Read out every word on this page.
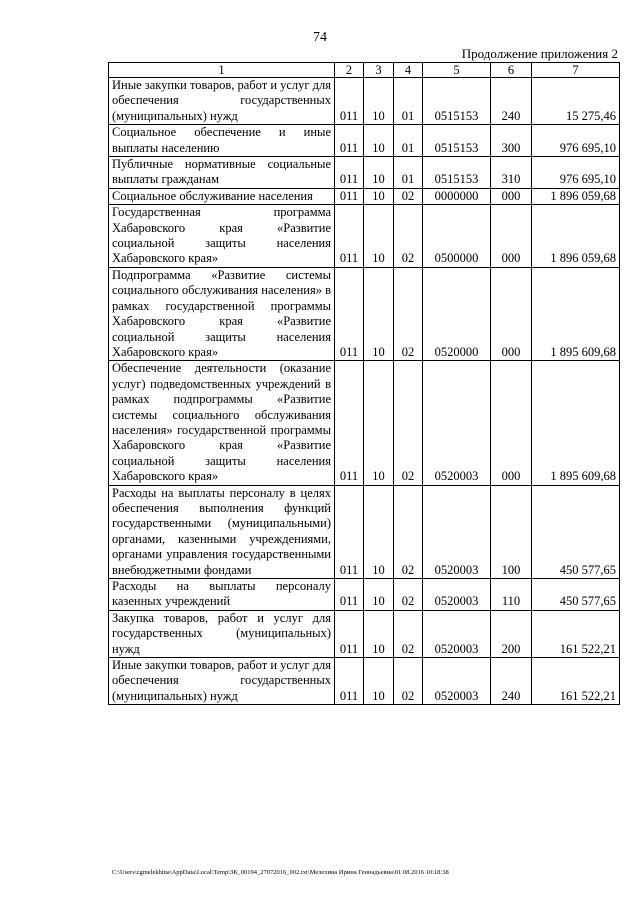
74
Продолжение приложения 2
1	2	3	4	5	6	7
Иные закупки товаров, работ и услуг для обеспечения государственных (муниципальных) нужд	011	10	01	0515153	240	15 275,46
Социальное обеспечение и иные выплаты населению	011	10	01	0515153	300	976 695,10
Публичные нормативные социальные выплаты гражданам	011	10	01	0515153	310	976 695,10
Социальное обслуживание населения	011	10	02	0000000	000	1 896 059,68
Государственная программа Хабаровского края «Развитие социальной защиты населения Хабаровского края»	011	10	02	0500000	000	1 896 059,68
Подпрограмма «Развитие системы социального обслуживания населения» в рамках государственной программы Хабаровского края «Развитие социальной защиты населения Хабаровского края»	011	10	02	0520000	000	1 895 609,68
Обеспечение деятельности (оказание услуг) подведомственных учреждений в рамках подпрограммы «Развитие системы социального обслуживания населения» государственной программы Хабаровского края «Развитие социальной защиты населения Хабаровского края»	011	10	02	0520003	000	1 895 609,68
Расходы на выплаты персоналу в целях обеспечения выполнения функций государственными (муниципальными) органами, казенными учреждениями, органами управления государственными внебюджетными фондами	011	10	02	0520003	100	450 577,65
Расходы на выплаты персоналу казенных учреждений	011	10	02	0520003	110	450 577,65
Закупка товаров, работ и услуг для государственных (муниципальных) нужд	011	10	02	0520003	200	161 522,21
Иные закупки товаров, работ и услуг для обеспечения государственных (муниципальных) нужд	011	10	02	0520003	240	161 522,21
C:\Users\zgmelekhina\AppData\Local\Temp\ЗК_00194_27072016_002.txt\Мелехина Ирина Геннадьевна\01.08.2016 10:18:38
